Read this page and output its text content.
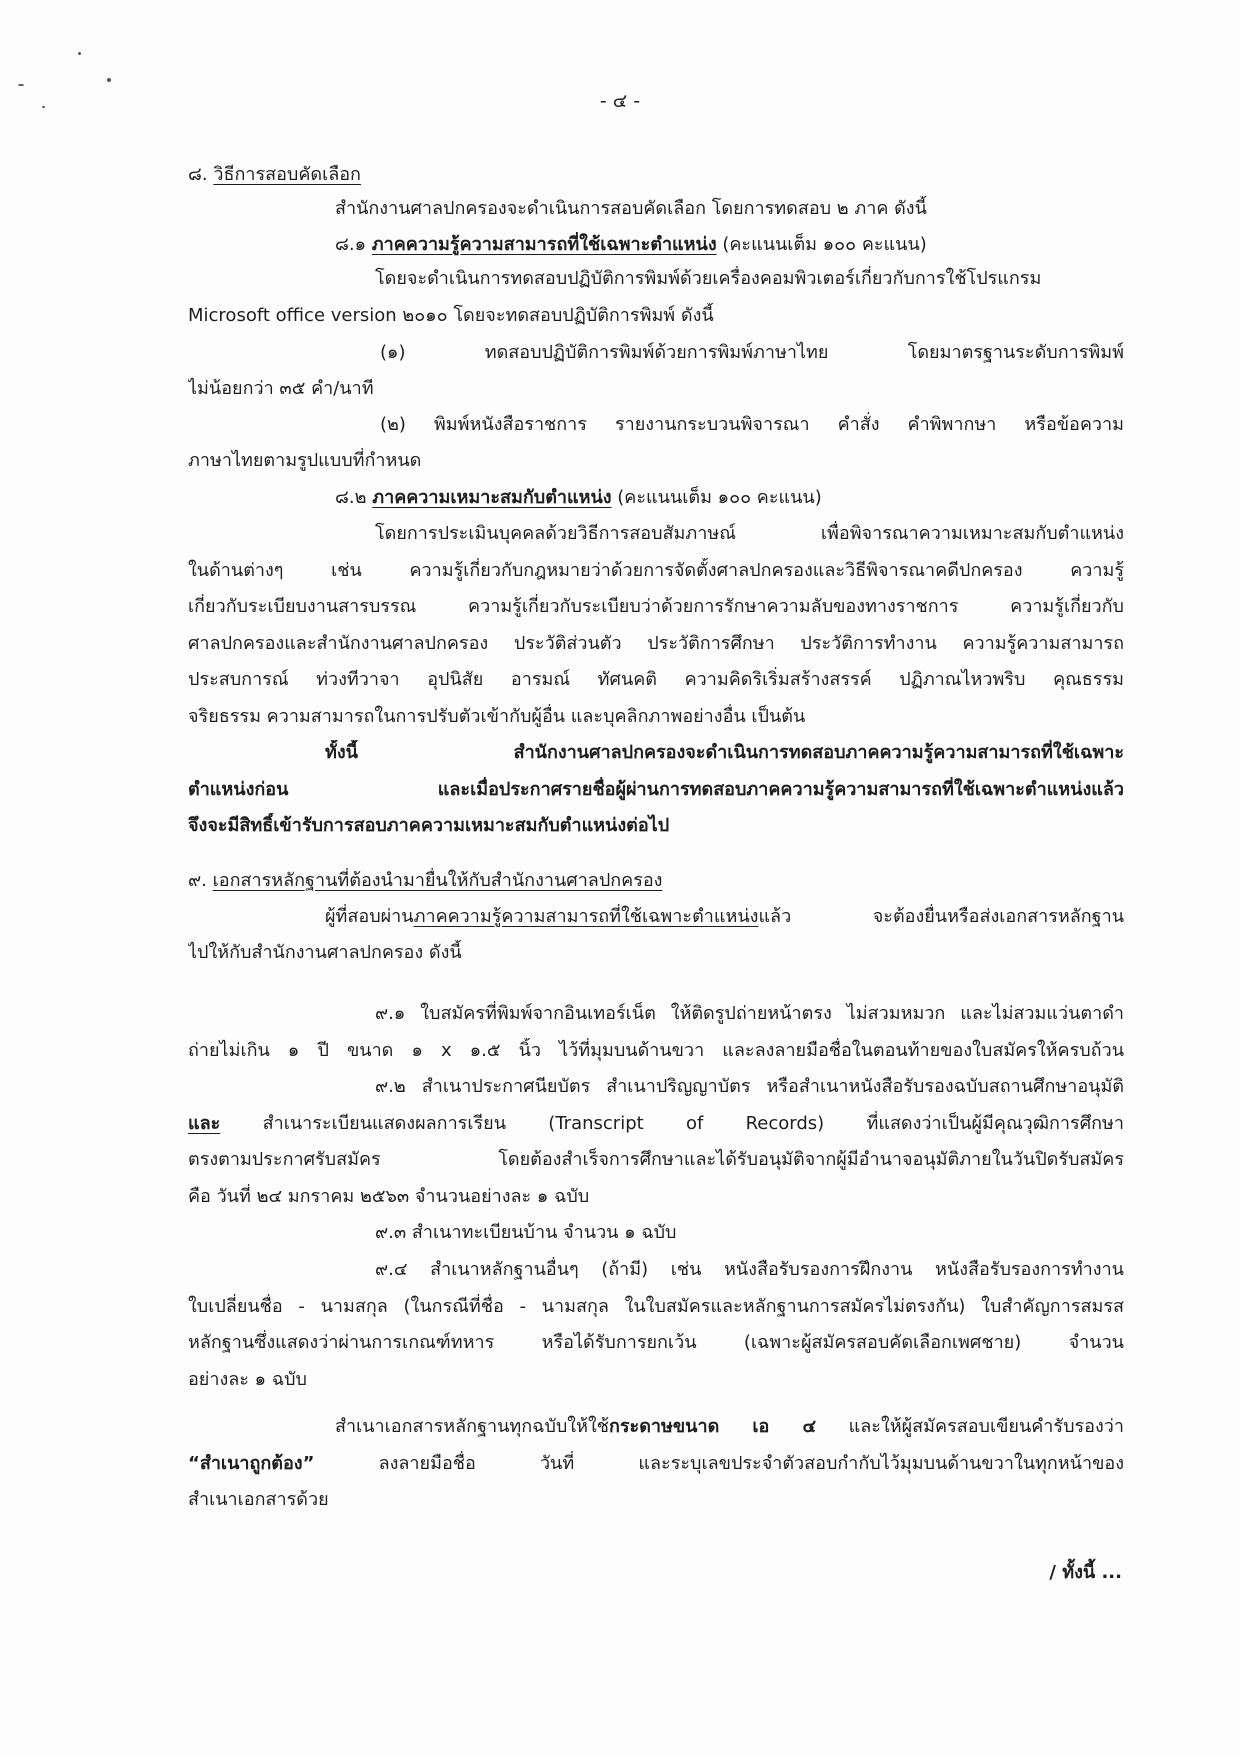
- ๔ -
๘. วิธีการสอบคัดเลือก
สำนักงานศาลปกครองจะดำเนินการสอบคัดเลือก โดยการทดสอบ ๒ ภาค ดังนี้
๘.๑ ภาคความรู้ความสามารถที่ใช้เฉพาะตำแหน่ง (คะแนนเต็ม ๑๐๐ คะแนน)
โดยจะดำเนินการทดสอบปฏิบัติการพิมพ์ด้วยเครื่องคอมพิวเตอร์เกี่ยวกับการใช้โปรแกรม
Microsoft office version ๒๐๑๐ โดยจะทดสอบปฏิบัติการพิมพ์ ดังนี้
(๑) ทดสอบปฏิบัติการพิมพ์ด้วยการพิมพ์ภาษาไทย โดยมาตรฐานระดับการพิมพ์
ไม่น้อยกว่า ๓๕ คำ/นาที
(๒) พิมพ์หนังสือราชการ รายงานกระบวนพิจารณา คำสั่ง คำพิพากษา หรือข้อความ
ภาษาไทยตามรูปแบบที่กำหนด
๘.๒ ภาคความเหมาะสมกับตำแหน่ง (คะแนนเต็ม ๑๐๐ คะแนน)
โดยการประเมินบุคคลด้วยวิธีการสอบสัมภาษณ์ เพื่อพิจารณาความเหมาะสมกับตำแหน่ง
ในด้านต่างๆ เช่น ความรู้เกี่ยวกับกฎหมายว่าด้วยการจัดตั้งศาลปกครองและวิธีพิจารณาคดีปกครอง ความรู้
เกี่ยวกับระเบียบงานสารบรรณ ความรู้เกี่ยวกับระเบียบว่าด้วยการรักษาความลับของทางราชการ ความรู้เกี่ยวกับ
ศาลปกครองและสำนักงานศาลปกครอง ประวัติส่วนตัว ประวัติการศึกษา ประวัติการทำงาน ความรู้ความสามารถ
ประสบการณ์ ท่วงทีวาจา อุปนิสัย อารมณ์ ทัศนคติ ความคิดริเริ่มสร้างสรรค์ ปฏิภาณไหวพริบ คุณธรรม
จริยธรรม ความสามารถในการปรับตัวเข้ากับผู้อื่น และบุคลิกภาพอย่างอื่น เป็นต้น
ทั้งนี้ สำนักงานศาลปกครองจะดำเนินการทดสอบภาคความรู้ความสามารถที่ใช้เฉพาะ
ตำแหน่งก่อน และเมื่อประกาศรายชื่อผู้ผ่านการทดสอบภาคความรู้ความสามารถที่ใช้เฉพาะตำแหน่งแล้ว
จึงจะมีสิทธิ์เข้ารับการสอบภาคความเหมาะสมกับตำแหน่งต่อไป
๙. เอกสารหลักฐานที่ต้องนำมายื่นให้กับสำนักงานศาลปกครอง
ผู้ที่สอบผ่านภาคความรู้ความสามารถที่ใช้เฉพาะตำแหน่งแล้ว จะต้องยื่นหรือส่งเอกสารหลักฐาน
ไปให้กับสำนักงานศาลปกครอง ดังนี้
๙.๑ ใบสมัครที่พิมพ์จากอินเทอร์เน็ต ให้ติดรูปถ่ายหน้าตรง ไม่สวมหมวก และไม่สวมแว่นตาดำ
ถ่ายไม่เกิน ๑ ปี ขนาด ๑ x ๑.๕ นิ้ว ไว้ที่มุมบนด้านขวา และลงลายมือชื่อในตอนท้ายของใบสมัครให้ครบถ้วน
๙.๒ สำเนาประกาศนียบัตร สำเนาปริญญาบัตร หรือสำเนาหนังสือรับรองฉบับสถานศึกษาอนุมัติ
และ สำเนาระเบียนแสดงผลการเรียน (Transcript of Records) ที่แสดงว่าเป็นผู้มีคุณวุฒิการศึกษา
ตรงตามประกาศรับสมัคร โดยต้องสำเร็จการศึกษาและได้รับอนุมัติจากผู้มีอำนาจอนุมัติภายในวันปิดรับสมัคร
คือ วันที่ ๒๔ มกราคม ๒๕๖๓ จำนวนอย่างละ ๑ ฉบับ
๙.๓ สำเนาทะเบียนบ้าน จำนวน ๑ ฉบับ
๙.๔ สำเนาหลักฐานอื่นๆ (ถ้ามี) เช่น หนังสือรับรองการฝึกงาน หนังสือรับรองการทำงาน
ใบเปลี่ยนชื่อ - นามสกุล (ในกรณีที่ชื่อ - นามสกุล ในใบสมัครและหลักฐานการสมัครไม่ตรงกัน) ใบสำคัญการสมรส
หลักฐานซึ่งแสดงว่าผ่านการเกณฑ์ทหาร หรือได้รับการยกเว้น (เฉพาะผู้สมัครสอบคัดเลือกเพศชาย) จำนวน
อย่างละ ๑ ฉบับ
สำเนาเอกสารหลักฐานทุกฉบับให้ใช้กระดาษขนาด เอ ๔ และให้ผู้สมัครสอบเขียนคำรับรองว่า
“สำเนาถูกต้อง”	ลงลายมือชื่อ วันที่ และระบุเลขประจำตัวสอบกำกับไว้มุมบนด้านขวาในทุกหน้าของ
สำเนาเอกสารด้วย
/ ทั้งนี้ ...
